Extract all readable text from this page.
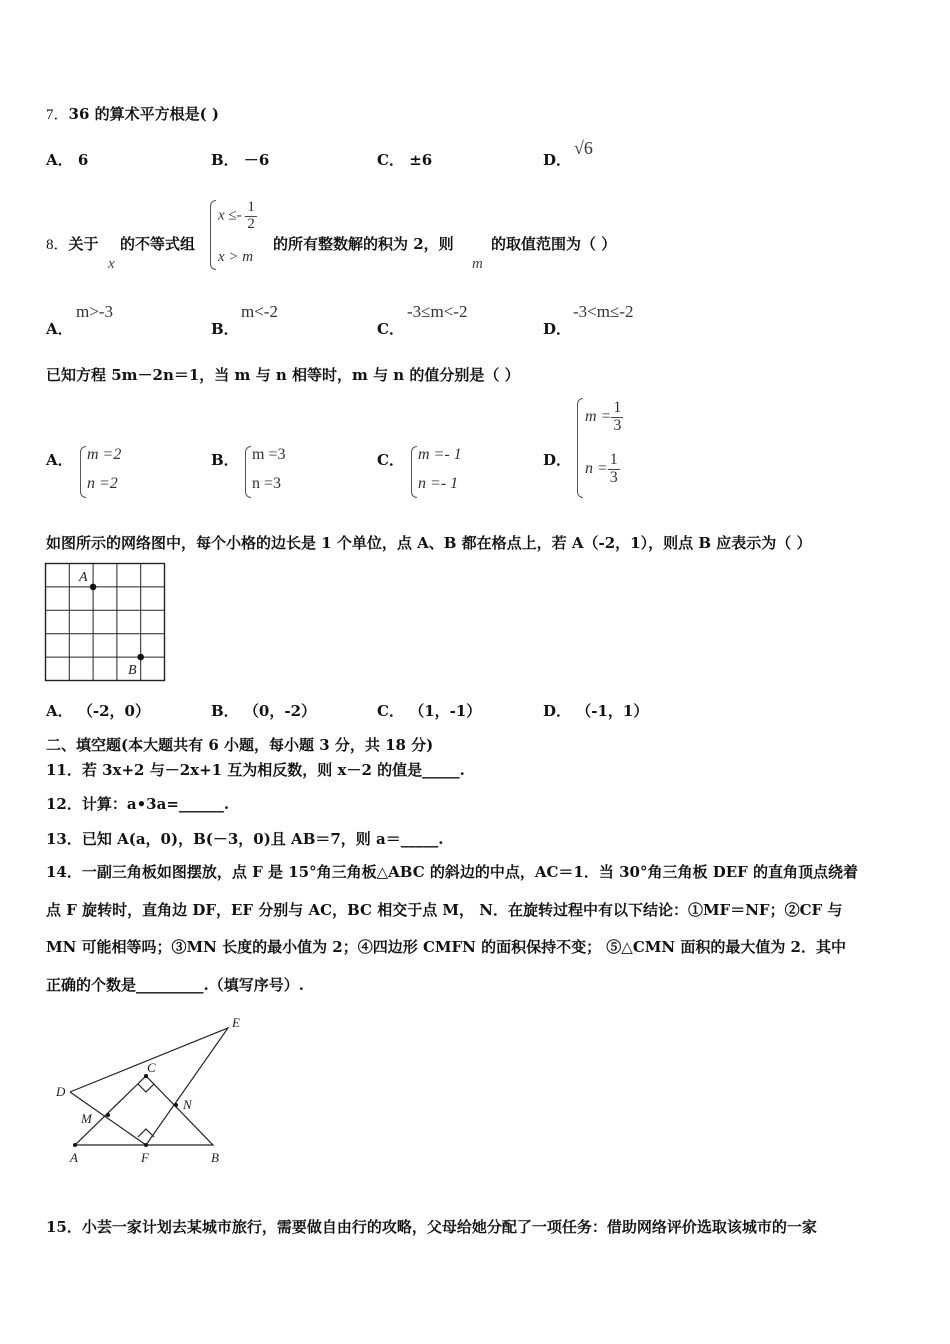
7．36 的算术平方根是( )
A． 6	B． －6	C． ±6	D．
√6
8．关于
x
的不等式组
$x \le- \frac{1}{2}$
x > m
的所有整数解的积为 2，则
m
的取值范围为（ ）
A．
m>-3
B．
m<-2
C．
-3≤m<-2
D．
-3<m≤-2
已知方程 5m－2n＝1，当 m 与 n 相等时，m 与 n 的值分别是（ ）
A． m =2
n =2
B． m =3
n =3
C． m =- 1
n =- 1
D．
$m = \frac{1}{3}$
$n = \frac{1}{3}$
如图所示的网络图中，每个小格的边长是 1 个单位，点 A、B 都在格点上，若 A（-2，1），则点 B 应表示为（ ）
A
B
A． （-2，0）	B． （0，-2）	C． （1，-1）	D． （-1，1）
二、填空题(本大题共有 6 小题，每小题 3 分，共 18 分)
11．若 3x+2 与－2x+1 互为相反数，则 x－2 的值是_____.
12．计算：a•3a=______.
13．已知 A(a，0)，B(－3，0)且 AB＝7，则 a＝_____.
14．一副三角板如图摆放，点 F 是 15°角三角板△ABC 的斜边的中点，AC＝1．当 30°角三角板 DEF 的直角顶点绕着
点 F 旋转时，直角边 DF，EF 分别与 AC，BC 相交于点 M， N．在旋转过程中有以下结论：①MF＝NF；②CF 与
MN 可能相等吗；③MN 长度的最小值为 2；④四边形 CMFN 的面积保持不变； ⑤△CMN 面积的最大值为 2．其中
正确的个数是_________.（填写序号）.
E
D
C
M
N
A	F	B
15．小芸一家计划去某城市旅行，需要做自由行的攻略，父母给她分配了一项任务：借助网络评价选取该城市的一家
